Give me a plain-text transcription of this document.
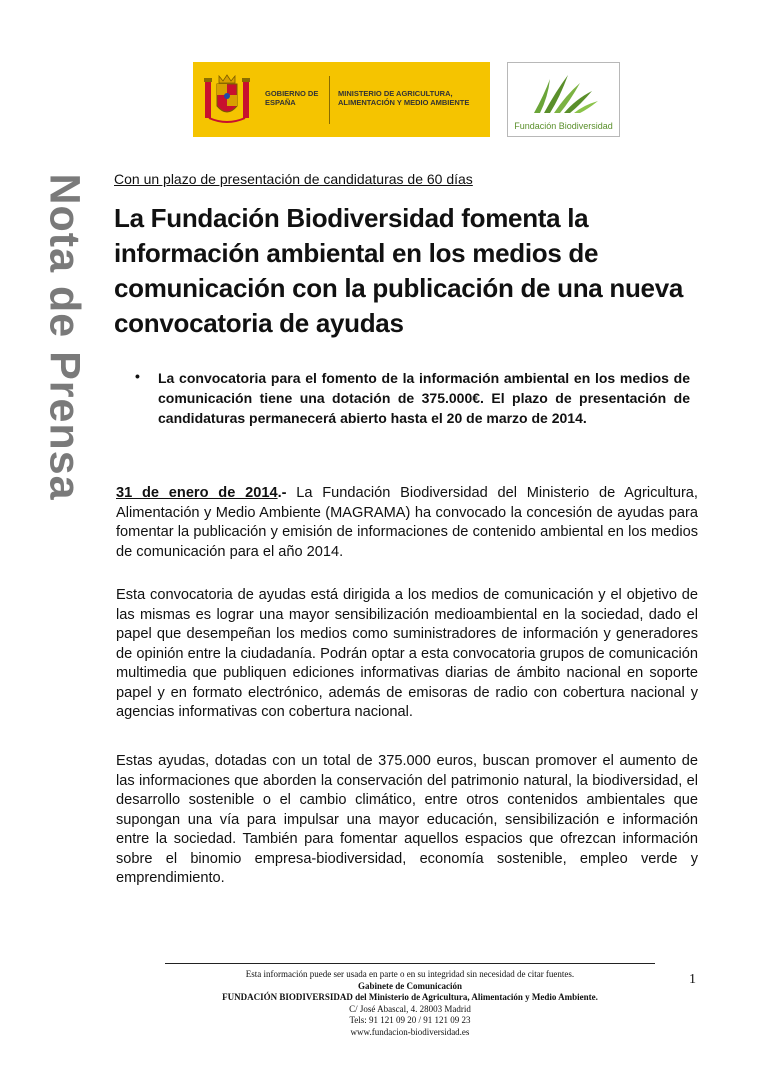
GOBIERNO DE ESPAÑA
MINISTERIO DE AGRICULTURA, ALIMENTACIÓN Y MEDIO AMBIENTE
Fundación Biodiversidad
Nota de Prensa Con un plazo de presentación de candidaturas de 60 días
La Fundación Biodiversidad fomenta la información ambiental en los medios de comunicación con la publicación de una nueva convocatoria de ayudas
• La convocatoria para el fomento de la información ambiental en los medios de comunicación tiene una dotación de 375.000€. El plazo de presentación de candidaturas permanecerá abierto hasta el 20 de marzo de 2014.

31 de enero de 2014.- La Fundación Biodiversidad del Ministerio de Agricultura, Alimentación y Medio Ambiente (MAGRAMA) ha convocado la concesión de ayudas para fomentar la publicación y emisión de informaciones de contenido ambiental en los medios de comunicación para el año 2014.

Esta convocatoria de ayudas está dirigida a los medios de comunicación y el objetivo de las mismas es lograr una mayor sensibilización medioambiental en la sociedad, dado el papel que desempeñan los medios como suministradores de información y generadores de opinión entre la ciudadanía. Podrán optar a esta convocatoria grupos de comunicación multimedia que publiquen ediciones informativas diarias de ámbito nacional en soporte papel y en formato electrónico, además de emisoras de radio con cobertura nacional y agencias informativas con cobertura nacional.

Estas ayudas, dotadas con un total de 375.000 euros, buscan promover el aumento de las informaciones que aborden la conservación del patrimonio natural, la biodiversidad, el desarrollo sostenible o el cambio climático, entre otros contenidos ambientales que supongan una vía para impulsar una mayor educación, sensibilización e información entre la sociedad. También para fomentar aquellos espacios que ofrezcan información sobre el binomio empresa-biodiversidad, economía sostenible, empleo verde y emprendimiento.

Esta información puede ser usada en parte o en su integridad sin necesidad de citar fuentes.
Gabinete de Comunicación
FUNDACIÓN BIODIVERSIDAD del Ministerio de Agricultura, Alimentación y Medio Ambiente.
C/ José Abascal, 4. 28003 Madrid
Tels: 91 121 09 20 / 91 121 09 23
www.fundacion-biodiversidad.es
1
